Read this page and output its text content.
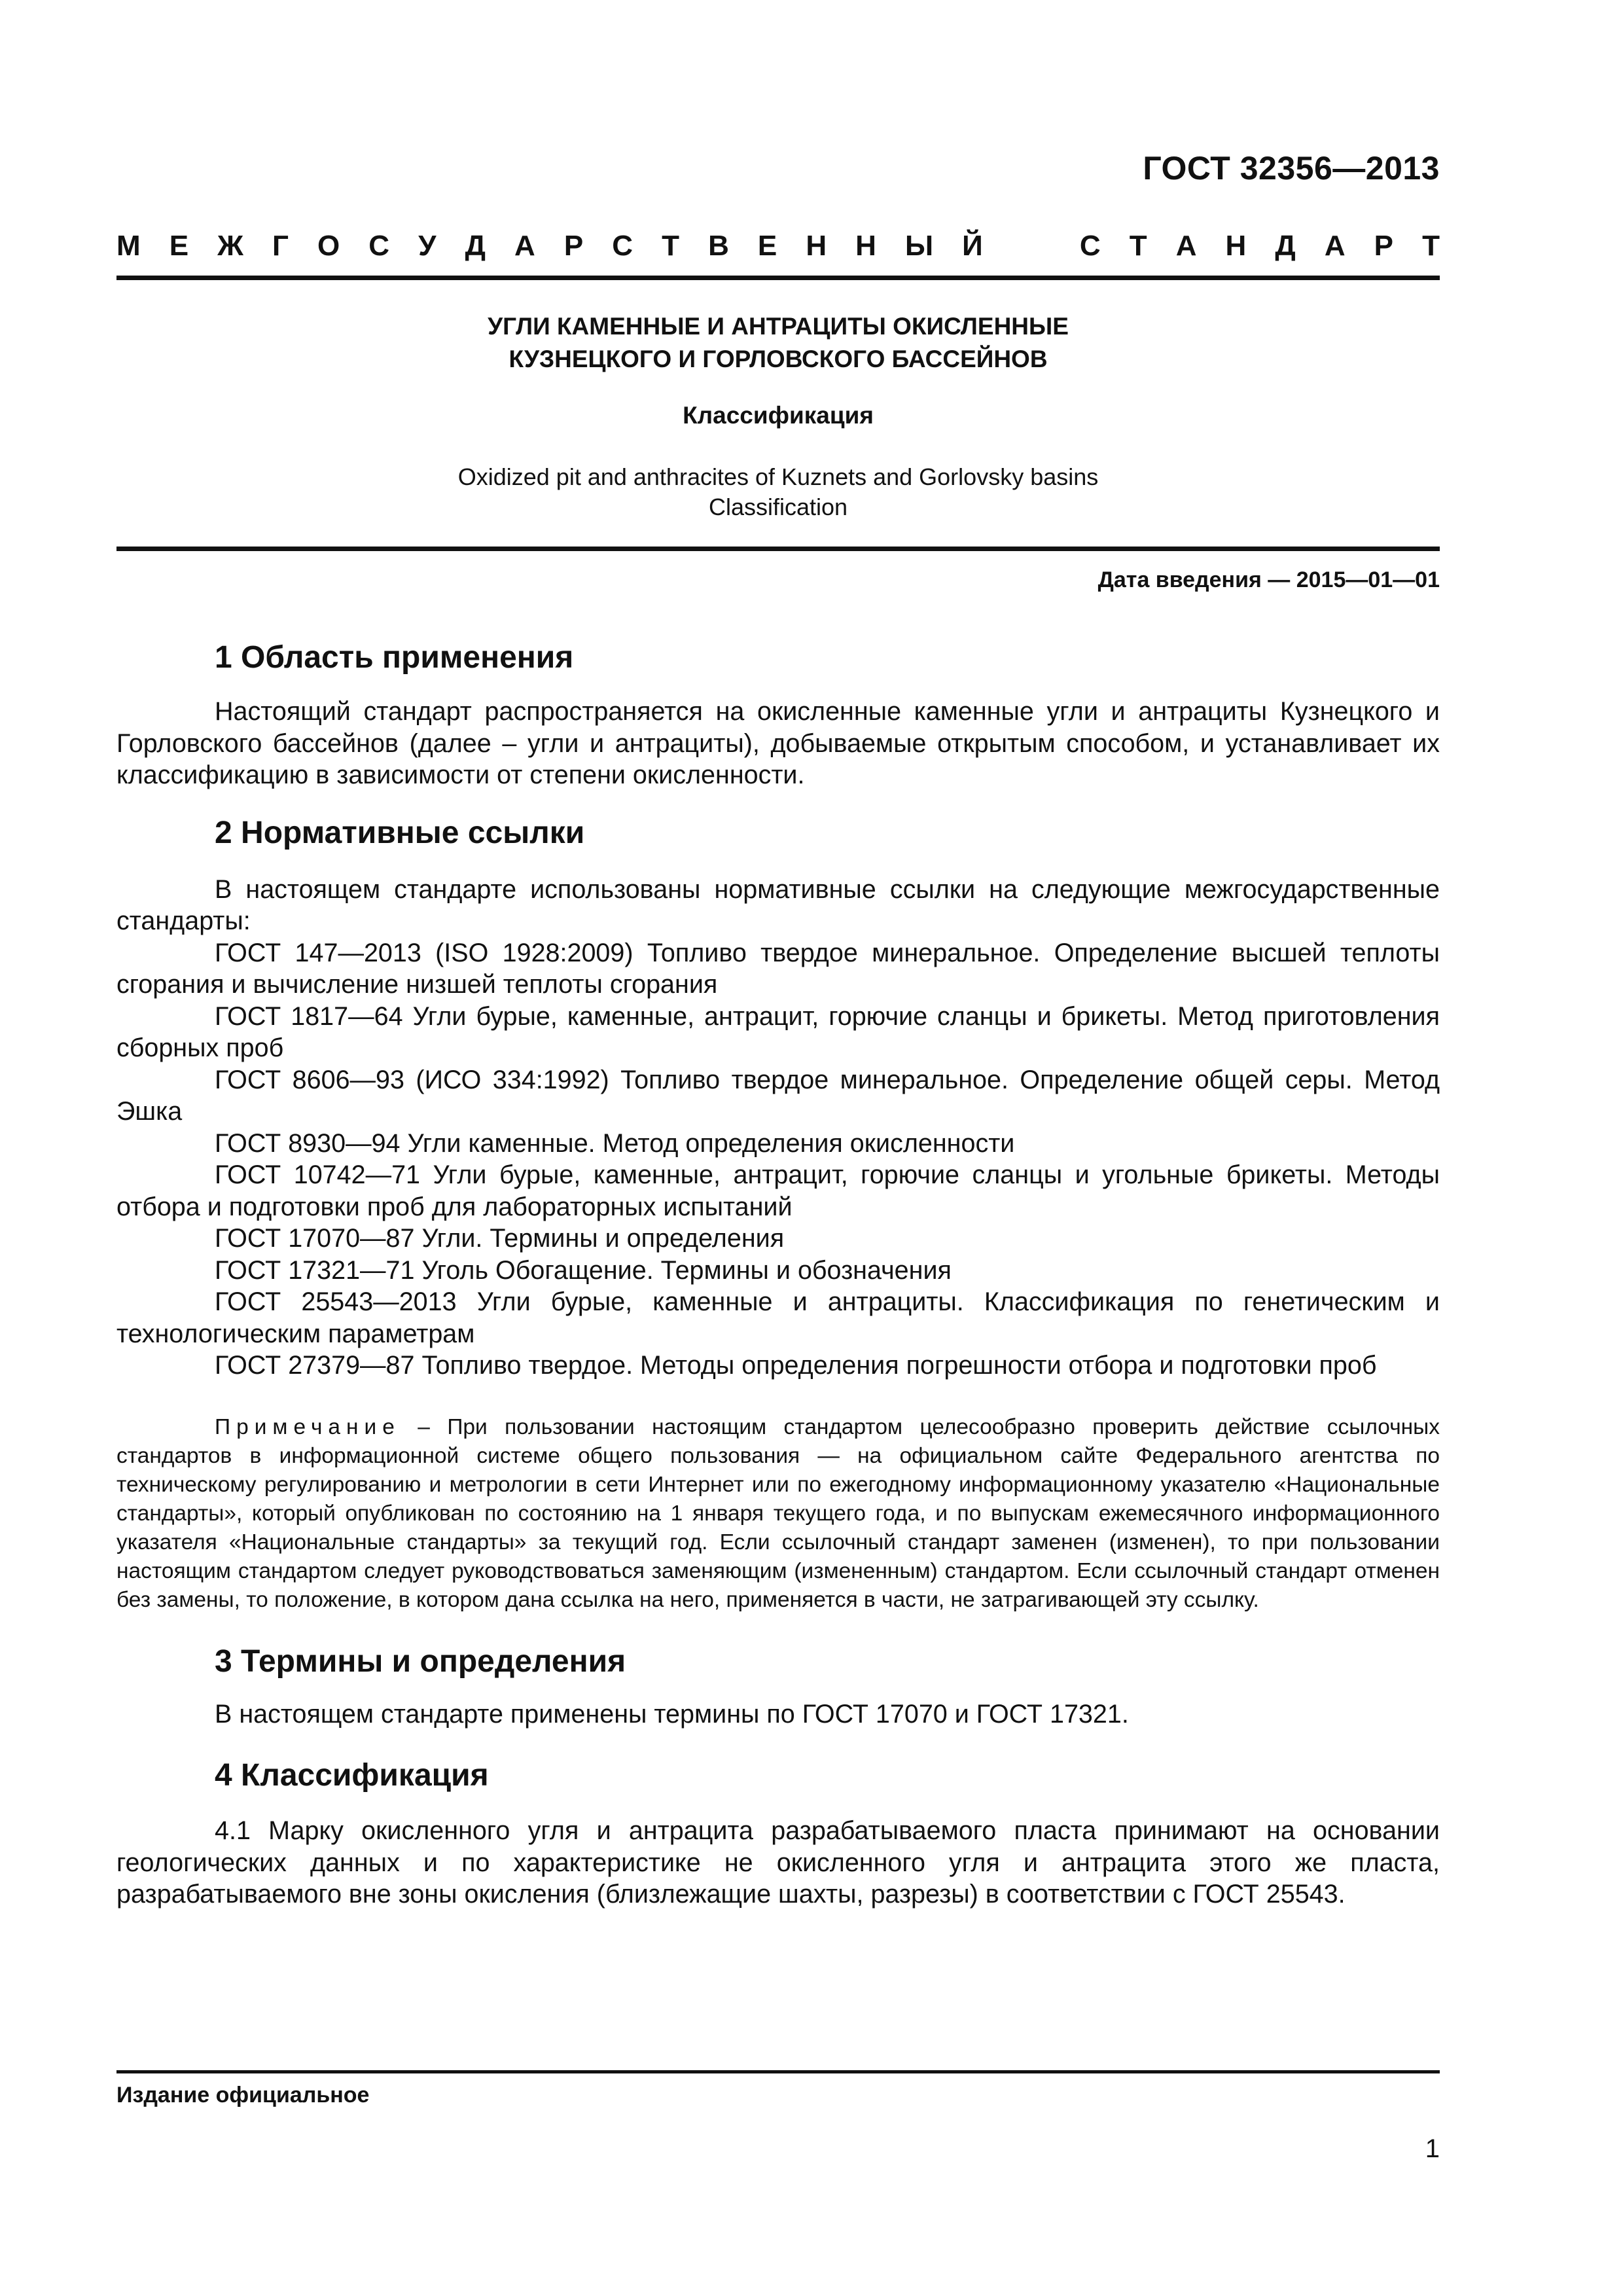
ГОСТ 32356—2013
М Е Ж Г О С У Д А Р С Т В Е Н Н Ы Й	С Т А Н Д А Р Т
УГЛИ КАМЕННЫЕ И АНТРАЦИТЫ ОКИСЛЕННЫЕ
КУЗНЕЦКОГО И ГОРЛОВСКОГО БАССЕЙНОВ
Классификация
Oxidized pit and anthracites of Kuznets and Gorlovsky basins
Classification
Дата введения — 2015—01—01
1 Область применения

Настоящий стандарт распространяется на окисленные каменные угли и антрациты Кузнецкого и Горловского бассейнов (далее – угли и антрациты), добываемые открытым способом, и устанавливает их классификацию в зависимости от степени окисленности.

2 Нормативные ссылки

В настоящем стандарте использованы нормативные ссылки на следующие межгосударственные стандарты:

ГОСТ 147—2013 (ISO 1928:2009) Топливо твердое минеральное. Определение высшей теплоты сгорания и вычисление низшей теплоты сгорания

ГОСТ 1817—64 Угли бурые, каменные, антрацит, горючие сланцы и брикеты. Метод приготовления сборных проб

ГОСТ 8606—93 (ИСО 334:1992) Топливо твердое минеральное. Определение общей серы. Метод Эшка

ГОСТ 8930—94 Угли каменные. Метод определения окисленности

ГОСТ 10742—71 Угли бурые, каменные, антрацит, горючие сланцы и угольные брикеты. Методы отбора и подготовки проб для лабораторных испытаний

ГОСТ 17070—87 Угли. Термины и определения

ГОСТ 17321—71 Уголь Обогащение. Термины и обозначения

ГОСТ 25543—2013 Угли бурые, каменные и антрациты. Классификация по генетическим и технологическим параметрам

ГОСТ 27379—87 Топливо твердое. Методы определения погрешности отбора и подготовки проб

Примечание – При пользовании настоящим стандартом целесообразно проверить действие ссылочных стандартов в информационной системе общего пользования — на официальном сайте Федерального агентства по техническому регулированию и метрологии в сети Интернет или по ежегодному информационному указателю «Национальные стандарты», который опубликован по состоянию на 1 января текущего года, и по выпускам ежемесячного информационного указателя «Национальные стандарты» за текущий год. Если ссылочный стандарт заменен (изменен), то при пользовании настоящим стандартом следует руководствоваться заменяющим (измененным) стандартом. Если ссылочный стандарт отменен без замены, то положение, в котором дана ссылка на него, применяется в части, не затрагивающей эту ссылку.

3 Термины и определения

В настоящем стандарте применены термины по ГОСТ 17070 и ГОСТ 17321.

4 Классификация

4.1 Марку окисленного угля и антрацита разрабатываемого пласта принимают на основании геологических данных и по характеристике не окисленного угля и антрацита этого же пласта, разрабатываемого вне зоны окисления (близлежащие шахты, разрезы) в соответствии с ГОСТ 25543.

Издание официальное
1
